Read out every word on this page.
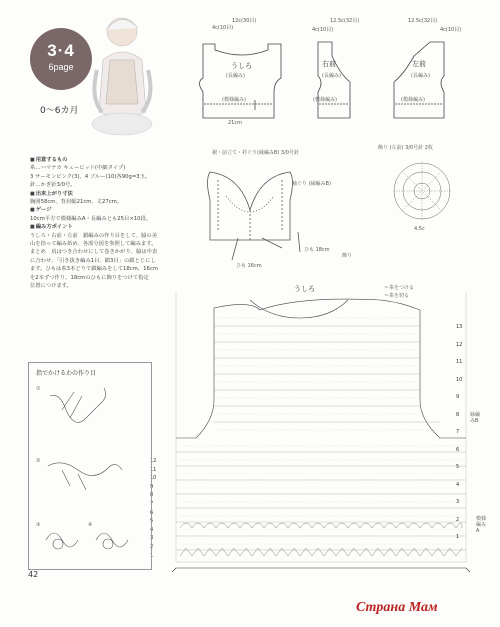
3·4
6page
0〜6カ月
■ 用意するもの
糸…ハマナカ キュービッド(中細タイプ)
3 サーモンピンク(3)、4 ブルー(10)各90g=3玉。
針…かぎ針3/0号。
■ 出来上がり寸法
胸囲58cm、背肩幅21cm、丈27cm。
■ ゲージ
10cm平方で模様編みA・長編みとも25目×10段。
■ 編み方ポイント
うしろ・右前・左前　鎖編みの作り目をして、脇の美
山を拾って編み始め、各部分図を参照して編みます。
まとめ　肩はつき合わせにして巻きかがり、脇は中表
に合わせ、「引き抜き編み1目、鎖3目」の鎖とじにし
ます。ひもは糸3本どりで鎖編みをして18cm、16cm
を2本ずつ作り、18cmのひもに飾りをつけて指定
位置につけます。
うしろ
(長編み)
(模様編み)
4c(10目)
12c(30目)
21cm
右前
(長編み)
(模様編み)
12.5c(32目)
4c(10目)
左前
(長編み)
(模様編み)
12.5c(32目)
4c(10目)
裾・前立て・衿ぐり(縁編みB) 3/0号針
袖ぐり (縁編みB)
ひも 18cm
ひも 16cm
飾り
飾り (左前) 3/0号針 2枚
4.5c
うしろ	＝糸をつける
＝糸を切る
縁編みB
模様編みA
13
12
11
10
9
8
7
6
5
4
3
2
1
12
11
10
9
8
7
6
5
4
3
2
1
指でかけるわの作り目
①
②
③	④
42
Страна Мам
